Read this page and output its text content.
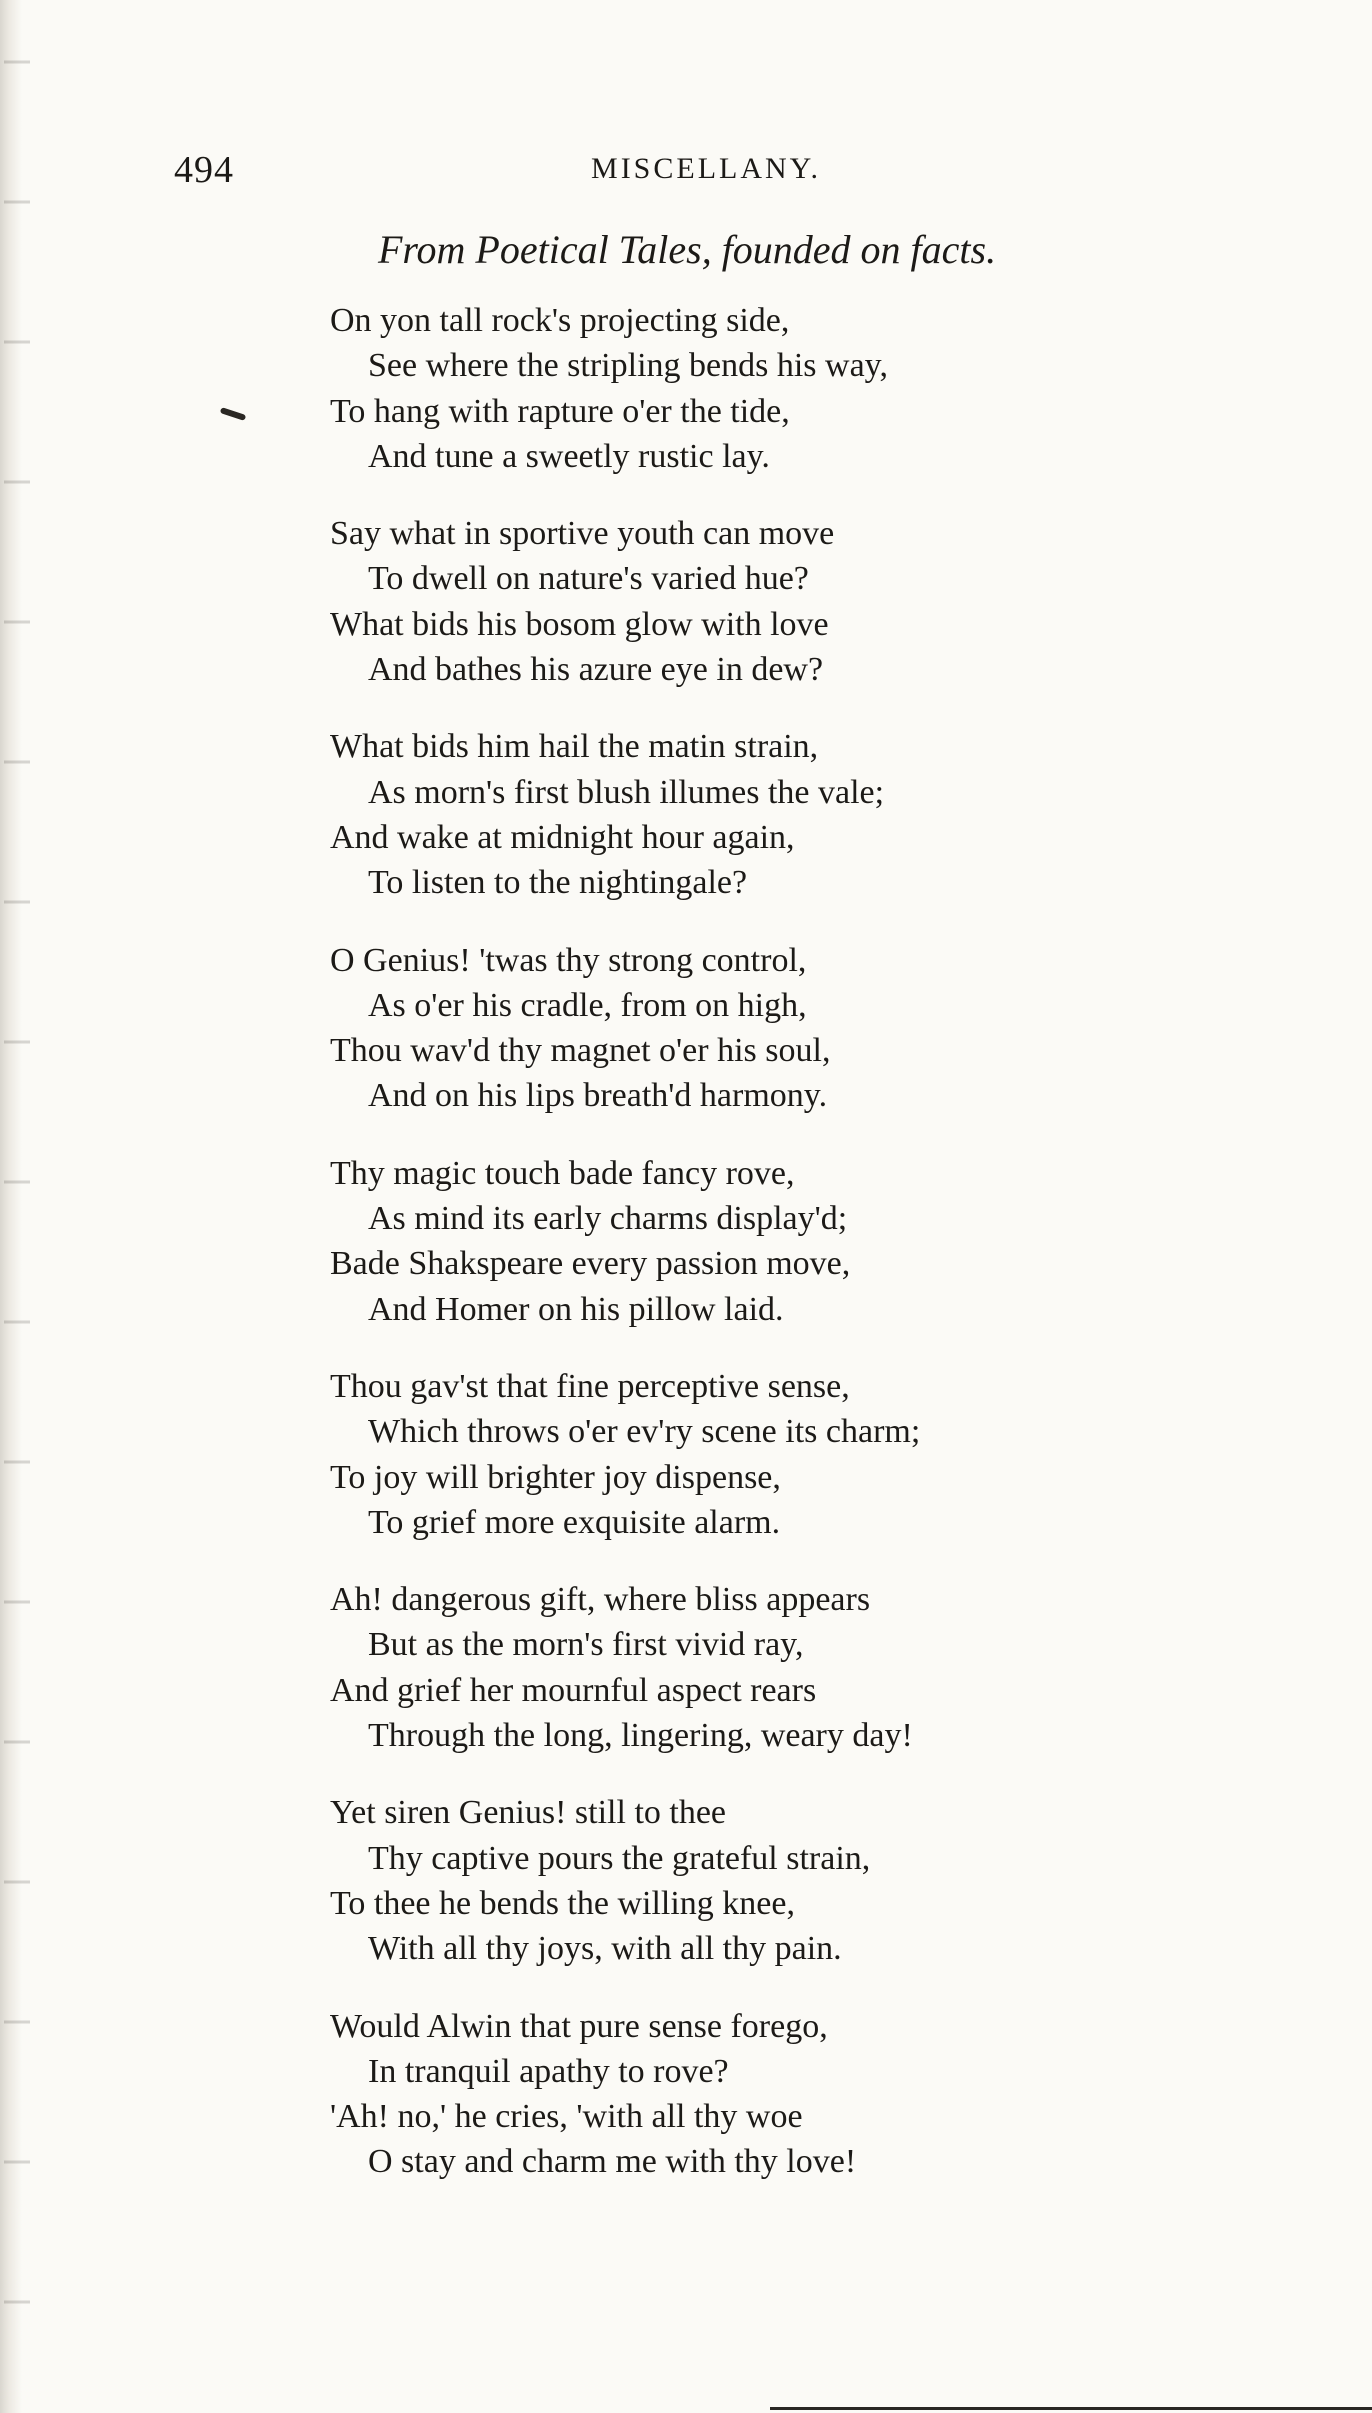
494	MISCELLANY.
From Poetical Tales, founded on facts.
On yon tall rock's projecting side,
See where the stripling bends his way,
To hang with rapture o'er the tide,
And tune a sweetly rustic lay.
Say what in sportive youth can move
To dwell on nature's varied hue?
What bids his bosom glow with love
And bathes his azure eye in dew?
What bids him hail the matin strain,
As morn's first blush illumes the vale;
And wake at midnight hour again,
To listen to the nightingale?
O Genius! 'twas thy strong control,
As o'er his cradle, from on high,
Thou wav'd thy magnet o'er his soul,
And on his lips breath'd harmony.
Thy magic touch bade fancy rove,
As mind its early charms display'd;
Bade Shakspeare every passion move,
And Homer on his pillow laid.
Thou gav'st that fine perceptive sense,
Which throws o'er ev'ry scene its charm;
To joy will brighter joy dispense,
To grief more exquisite alarm.
Ah! dangerous gift, where bliss appears
But as the morn's first vivid ray,
And grief her mournful aspect rears
Through the long, lingering, weary day!
Yet siren Genius! still to thee
Thy captive pours the grateful strain,
To thee he bends the willing knee,
With all thy joys, with all thy pain.
Would Alwin that pure sense forego,
In tranquil apathy to rove?
'Ah! no,' he cries, 'with all thy woe
O stay and charm me with thy love!
